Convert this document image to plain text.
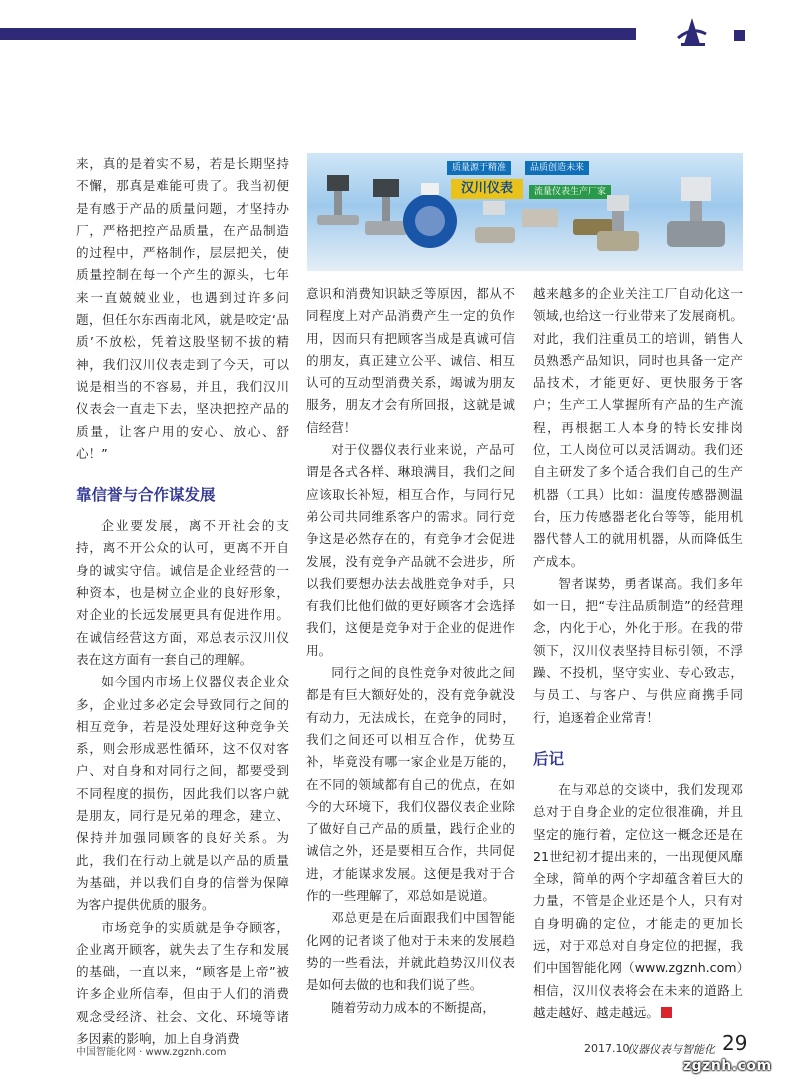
质量源于精准	品质创造未来
汉川仪表	流量仪表生产厂家

来，真的是着实不易，若是长期坚持不懈，那真是难能可贵了。我当初便是有感于产品的质量问题，才坚持办厂，严格把控产品质量，在产品制造的过程中，严格制作，层层把关，使质量控制在每一个产生的源头，七年来一直兢兢业业，也遇到过许多问题，但任尔东西南北风，就是咬定‘品质’不放松，凭着这股坚韧不拔的精神，我们汉川仪表走到了今天，可以说是相当的不容易，并且，我们汉川仪表会一直走下去，坚决把控产品的质量，让客户用的安心、放心、舒心！”

靠信誉与合作谋发展

企业要发展，离不开社会的支持，离不开公众的认可，更离不开自身的诚实守信。诚信是企业经营的一种资本，也是树立企业的良好形象，对企业的长远发展更具有促进作用。在诚信经营这方面，邓总表示汉川仪表在这方面有一套自己的理解。

如今国内市场上仪器仪表企业众多，企业过多必定会导致同行之间的相互竞争，若是没处理好这种竞争关系，则会形成恶性循环，这不仅对客户、对自身和对同行之间，都要受到不同程度的损伤，因此我们以客户就是朋友，同行是兄弟的理念，建立、保持并加强同顾客的良好关系。为此，我们在行动上就是以产品的质量为基础，并以我们自身的信誉为保障为客户提供优质的服务。

市场竞争的实质就是争夺顾客，企业离开顾客，就失去了生存和发展的基础，一直以来，“顾客是上帝”被许多企业所信奉，但由于人们的消费观念受经济、社会、文化、环境等诸多因素的影响，加上自身消费

意识和消费知识缺乏等原因，都从不同程度上对产品消费产生一定的负作用，因而只有把顾客当成是真诚可信的朋友，真正建立公平、诚信、相互认可的互动型消费关系，竭诚为朋友服务，朋友才会有所回报，这就是诚信经营！

对于仪器仪表行业来说，产品可谓是各式各样、琳琅满目，我们之间应该取长补短，相互合作，与同行兄弟公司共同维系客户的需求。同行竞争这是必然存在的，有竞争才会促进发展，没有竞争产品就不会进步，所以我们要想办法去战胜竞争对手，只有我们比他们做的更好顾客才会选择我们，这便是竞争对于企业的促进作用。

同行之间的良性竞争对彼此之间都是有巨大额好处的，没有竞争就没有动力，无法成长，在竞争的同时，我们之间还可以相互合作，优势互补，毕竟没有哪一家企业是万能的，在不同的领域都有自己的优点，在如今的大环境下，我们仪器仪表企业除了做好自己产品的质量，践行企业的诚信之外，还是要相互合作，共同促进，才能谋求发展。这便是我对于合作的一些理解了，邓总如是说道。

邓总更是在后面跟我们中国智能化网的记者谈了他对于未来的发展趋势的一些看法，并就此趋势汉川仪表是如何去做的也和我们说了些。

随着劳动力成本的不断提高，

越来越多的企业关注工厂自动化这一领域,也给这一行业带来了发展商机。对此，我们注重员工的培训，销售人员熟悉产品知识，同时也具备一定产品技术，才能更好、更快服务于客户；生产工人掌握所有产品的生产流程，再根据工人本身的特长安排岗位，工人岗位可以灵活调动。我们还自主研发了多个适合我们自己的生产机器（工具）比如：温度传感器测温台，压力传感器老化台等等，能用机器代替人工的就用机器，从而降低生产成本。

智者谋势，勇者谋高。我们多年如一日，把“专注品质制造”的经营理念，内化于心，外化于形。在我的带领下，汉川仪表坚持目标引领，不浮躁、不投机，坚守实业、专心致志，与员工、与客户、与供应商携手同行，追逐着企业常青！

后记

在与邓总的交谈中，我们发现邓总对于自身企业的定位很准确，并且坚定的施行着，定位这一概念还是在21世纪初才提出来的，一出现便风靡全球，简单的两个字却蕴含着巨大的力量，不管是企业还是个人，只有对自身明确的定位，才能走的更加长远，对于邓总对自身定位的把握，我们中国智能化网（www.zgznh.com）相信，汉川仪表将会在未来的道路上越走越好、越走越远。

中国智能化网 · www.zgznh.com	2017.10
仪器仪表与智能化 29
zgznh.com
